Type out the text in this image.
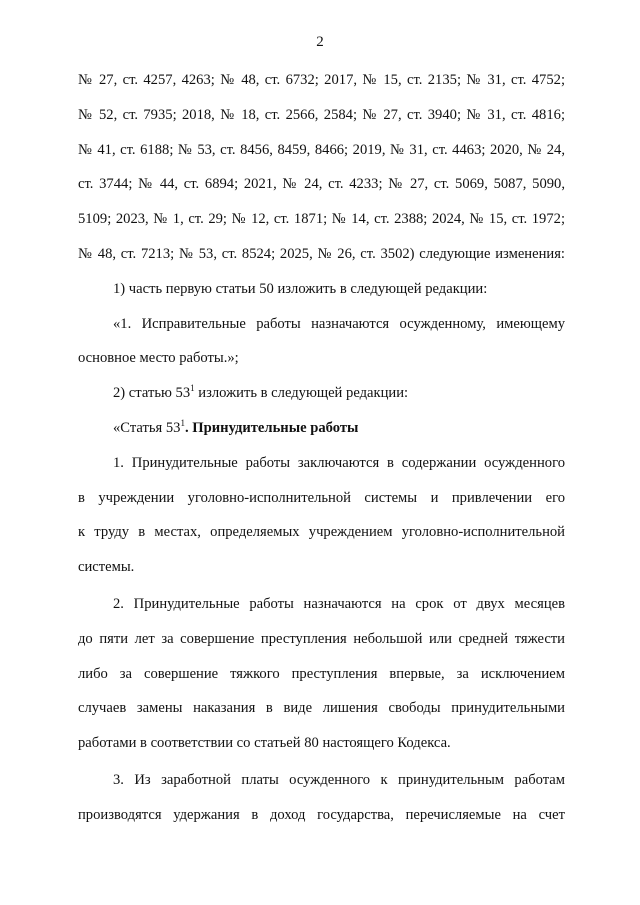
2
№ 27, ст. 4257, 4263; № 48, ст. 6732; 2017, № 15, ст. 2135; № 31, ст. 4752;
№ 52, ст. 7935; 2018, № 18, ст. 2566, 2584; № 27, ст. 3940; № 31, ст. 4816;
№ 41, ст. 6188; № 53, ст. 8456, 8459, 8466; 2019, № 31, ст. 4463; 2020, № 24,
ст. 3744; № 44, ст. 6894; 2021, № 24, ст. 4233; № 27, ст. 5069, 5087, 5090,
5109; 2023, № 1, ст. 29; № 12, ст. 1871; № 14, ст. 2388; 2024, № 15, ст. 1972;
№ 48, ст. 7213; № 53, ст. 8524; 2025, № 26, ст. 3502) следующие изменения:
1) часть первую статьи 50 изложить в следующей редакции:
«1. Исправительные работы назначаются осужденному, имеющему
основное место работы.»;
2) статью $53^1$ изложить в следующей редакции:
«Статья $53^1$. Принудительные работы
1. Принудительные работы заключаются в содержании осужденного
в учреждении уголовно-исполнительной системы и привлечении его
к труду в местах, определяемых учреждением уголовно-исполнительной
системы.
2. Принудительные работы назначаются на срок от двух месяцев
до пяти лет за совершение преступления небольшой или средней тяжести
либо за совершение тяжкого преступления впервые, за исключением
случаев замены наказания в виде лишения свободы принудительными
работами в соответствии со статьей 80 настоящего Кодекса.
3. Из заработной платы осужденного к принудительным работам
производятся удержания в доход государства, перечисляемые на счет
